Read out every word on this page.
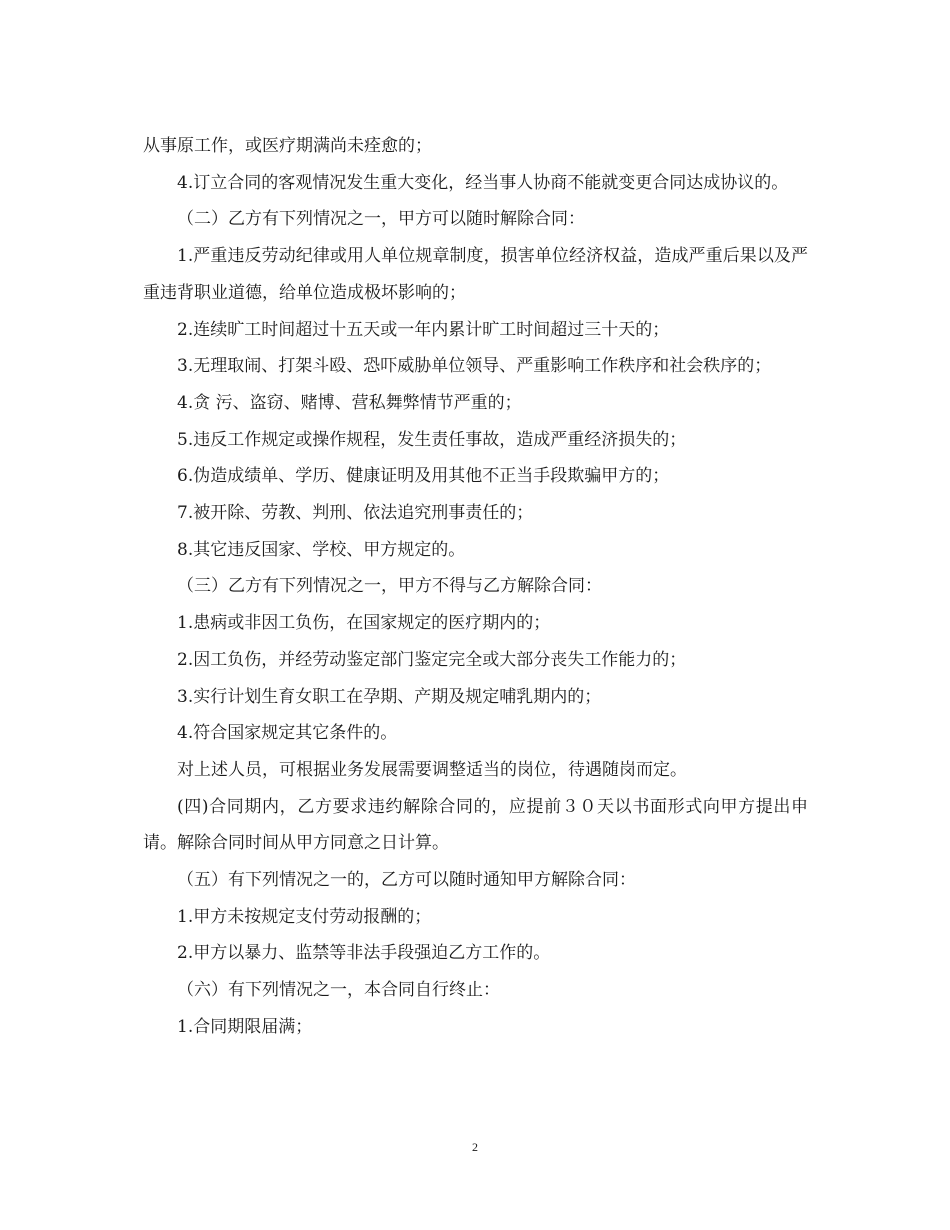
从事原工作，或医疗期满尚未痊愈的；

4.订立合同的客观情况发生重大变化，经当事人协商不能就变更合同达成协议的。

（二）乙方有下列情况之一，甲方可以随时解除合同：

1.严重违反劳动纪律或用人单位规章制度，损害单位经济权益，造成严重后果以及严重违背职业道德，给单位造成极坏影响的；

2.连续旷工时间超过十五天或一年内累计旷工时间超过三十天的；

3.无理取闹、打架斗殴、恐吓威胁单位领导、严重影响工作秩序和社会秩序的；

4.贪 污、盗窃、赌博、营私舞弊情节严重的；

5.违反工作规定或操作规程，发生责任事故，造成严重经济损失的；

6.伪造成绩单、学历、健康证明及用其他不正当手段欺骗甲方的；

7.被开除、劳教、判刑、依法追究刑事责任的；

8.其它违反国家、学校、甲方规定的。

（三）乙方有下列情况之一，甲方不得与乙方解除合同：

1.患病或非因工负伤，在国家规定的医疗期内的；

2.因工负伤，并经劳动鉴定部门鉴定完全或大部分丧失工作能力的；

3.实行计划生育女职工在孕期、产期及规定哺乳期内的；

4.符合国家规定其它条件的。

对上述人员，可根据业务发展需要调整适当的岗位，待遇随岗而定。

(四)合同期内，乙方要求违约解除合同的，应提前３０天以书面形式向甲方提出申请。解除合同时间从甲方同意之日计算。

（五）有下列情况之一的，乙方可以随时通知甲方解除合同：

1.甲方未按规定支付劳动报酬的；

2.甲方以暴力、监禁等非法手段强迫乙方工作的。

（六）有下列情况之一，本合同自行终止：

1.合同期限届满；

2
